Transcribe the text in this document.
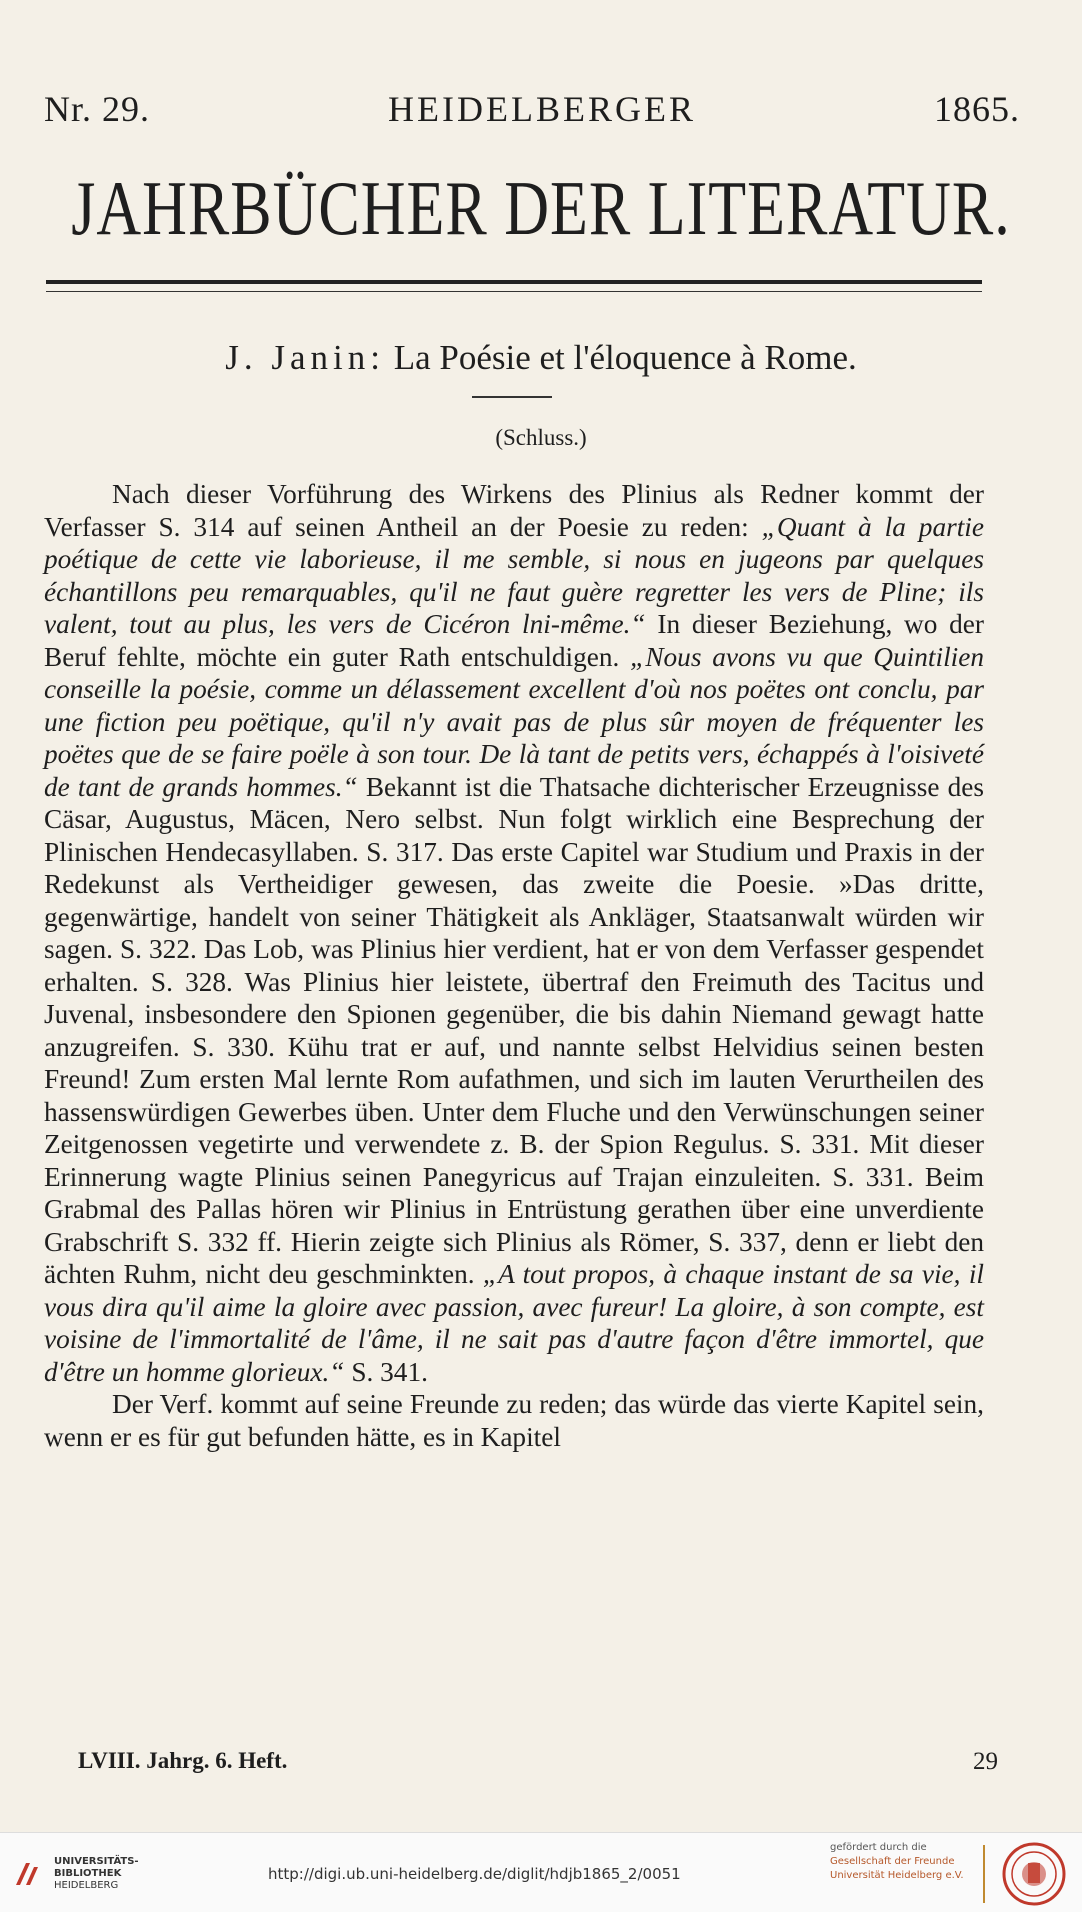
Nr. 29.	HEIDELBERGER	1865.
JAHRBÜCHER DER LITERATUR.
J. Janin: La Poésie et l'éloquence à Rome.
(Schluss.)

Nach dieser Vorführung des Wirkens des Plinius als Redner kommt der Verfasser S. 314 auf seinen Antheil an der Poesie zu reden: „Quant à la partie poétique de cette vie laborieuse, il me semble, si nous en jugeons par quelques échantillons peu remarquables, qu'il ne faut guère regretter les vers de Pline; ils valent, tout au plus, les vers de Cicéron lni-même.“ In dieser Beziehung, wo der Beruf fehlte, möchte ein guter Rath entschuldigen. „Nous avons vu que Quintilien conseille la poésie, comme un délassement excellent d'où nos poëtes ont conclu, par une fiction peu poëtique, qu'il n'y avait pas de plus sûr moyen de fréquenter les poëtes que de se faire poële à son tour. De là tant de petits vers, échappés à l'oisiveté de tant de grands hommes.“ Bekannt ist die Thatsache dichterischer Erzeugnisse des Cäsar, Augustus, Mäcen, Nero selbst. Nun folgt wirklich eine Besprechung der Plinischen Hendecasyllaben. S. 317. Das erste Capitel war Studium und Praxis in der Redekunst als Vertheidiger gewesen, das zweite die Poesie. »Das dritte, gegenwärtige, handelt von seiner Thätigkeit als Ankläger, Staatsanwalt würden wir sagen. S. 322. Das Lob, was Plinius hier verdient, hat er von dem Verfasser gespendet erhalten. S. 328. Was Plinius hier leistete, übertraf den Freimuth des Tacitus und Juvenal, insbesondere den Spionen gegenüber, die bis dahin Niemand gewagt hatte anzugreifen. S. 330. Kühu trat er auf, und nannte selbst Helvidius seinen besten Freund! Zum ersten Mal lernte Rom aufathmen, und sich im lauten Verurtheilen des hassenswürdigen Gewerbes üben. Unter dem Fluche und den Verwünschungen seiner Zeitgenossen vegetirte und verwendete z. B. der Spion Regulus. S. 331. Mit dieser Erinnerung wagte Plinius seinen Panegyricus auf Trajan einzuleiten. S. 331. Beim Grabmal des Pallas hören wir Plinius in Entrüstung gerathen über eine unverdiente Grabschrift S. 332 ff. Hierin zeigte sich Plinius als Römer, S. 337, denn er liebt den ächten Ruhm, nicht deu geschminkten. „A tout propos, à chaque instant de sa vie, il vous dira qu'il aime la gloire avec passion, avec fureur! La gloire, à son compte, est voisine de l'immortalité de l'âme, il ne sait pas d'autre façon d'être immortel, que d'être un homme glorieux.“ S. 341.

Der Verf. kommt auf seine Freunde zu reden; das würde das vierte Kapitel sein, wenn er es für gut befunden hätte, es in Kapitel

LVIII. Jahrg. 6. Heft.	29
UNIVERSITÄTS-
BIBLIOTHEK
HEIDELBERG
http://digi.ub.uni-heidelberg.de/diglit/hdjb1865_2/0051
gefördert durch die
Gesellschaft der Freunde
Universität Heidelberg e.V.
